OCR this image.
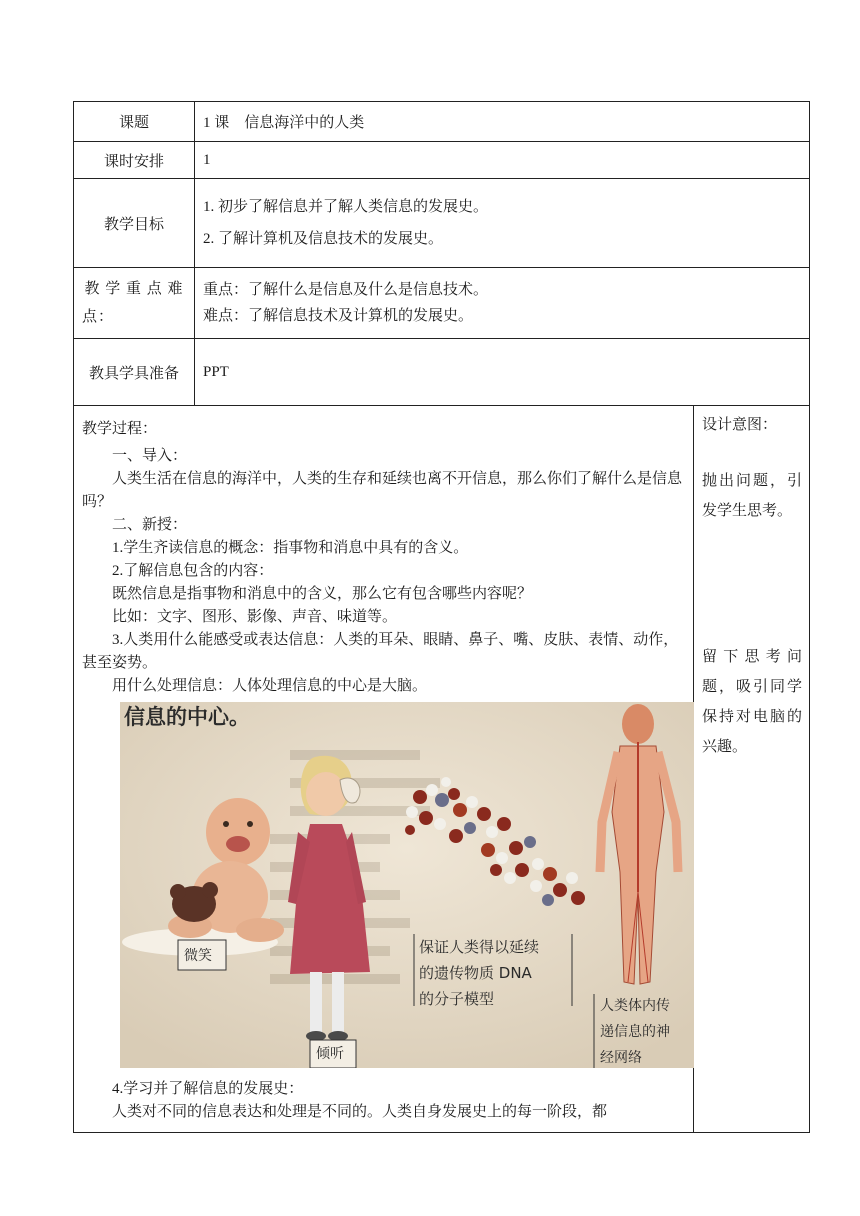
课题	1 课    信息海洋中的人类
课时安排	1
教学目标	1. 初步了解信息并了解人类信息的发展史。

2. 了解计算机及信息技术的发展史。

教 学 重 点 难 点：	重点：了解什么是信息及什么是信息技术。

难点：了解信息技术及计算机的发展史。

教具学具准备	PPT

教学过程：

一、导入：

人类生活在信息的海洋中，人类的生存和延续也离不开信息，那么你们了解什么是信息吗？

二、新授：

1.学生齐读信息的概念：指事物和消息中具有的含义。

2.了解信息包含的内容：

既然信息是指事物和消息中的含义，那么它有包含哪些内容呢？

比如：文字、图形、影像、声音、味道等。

3.人类用什么能感受或表达信息：人类的耳朵、眼睛、鼻子、嘴、皮肤、表情、动作，甚至姿势。

用什么处理信息：人体处理信息的中心是大脑。

信息的中心。
微笑
倾听
保证人类得以延续
的遗传物质 DNA
的分子模型	人类体内传
递信息的神
经网络

4.学习并了解信息的发展史：

人类对不同的信息表达和处理是不同的。人类自身发展史上的每一阶段，都

设计意图：

抛出问题，引发学生思考。

留下思考问题，吸引同学保持对电脑的兴趣。
